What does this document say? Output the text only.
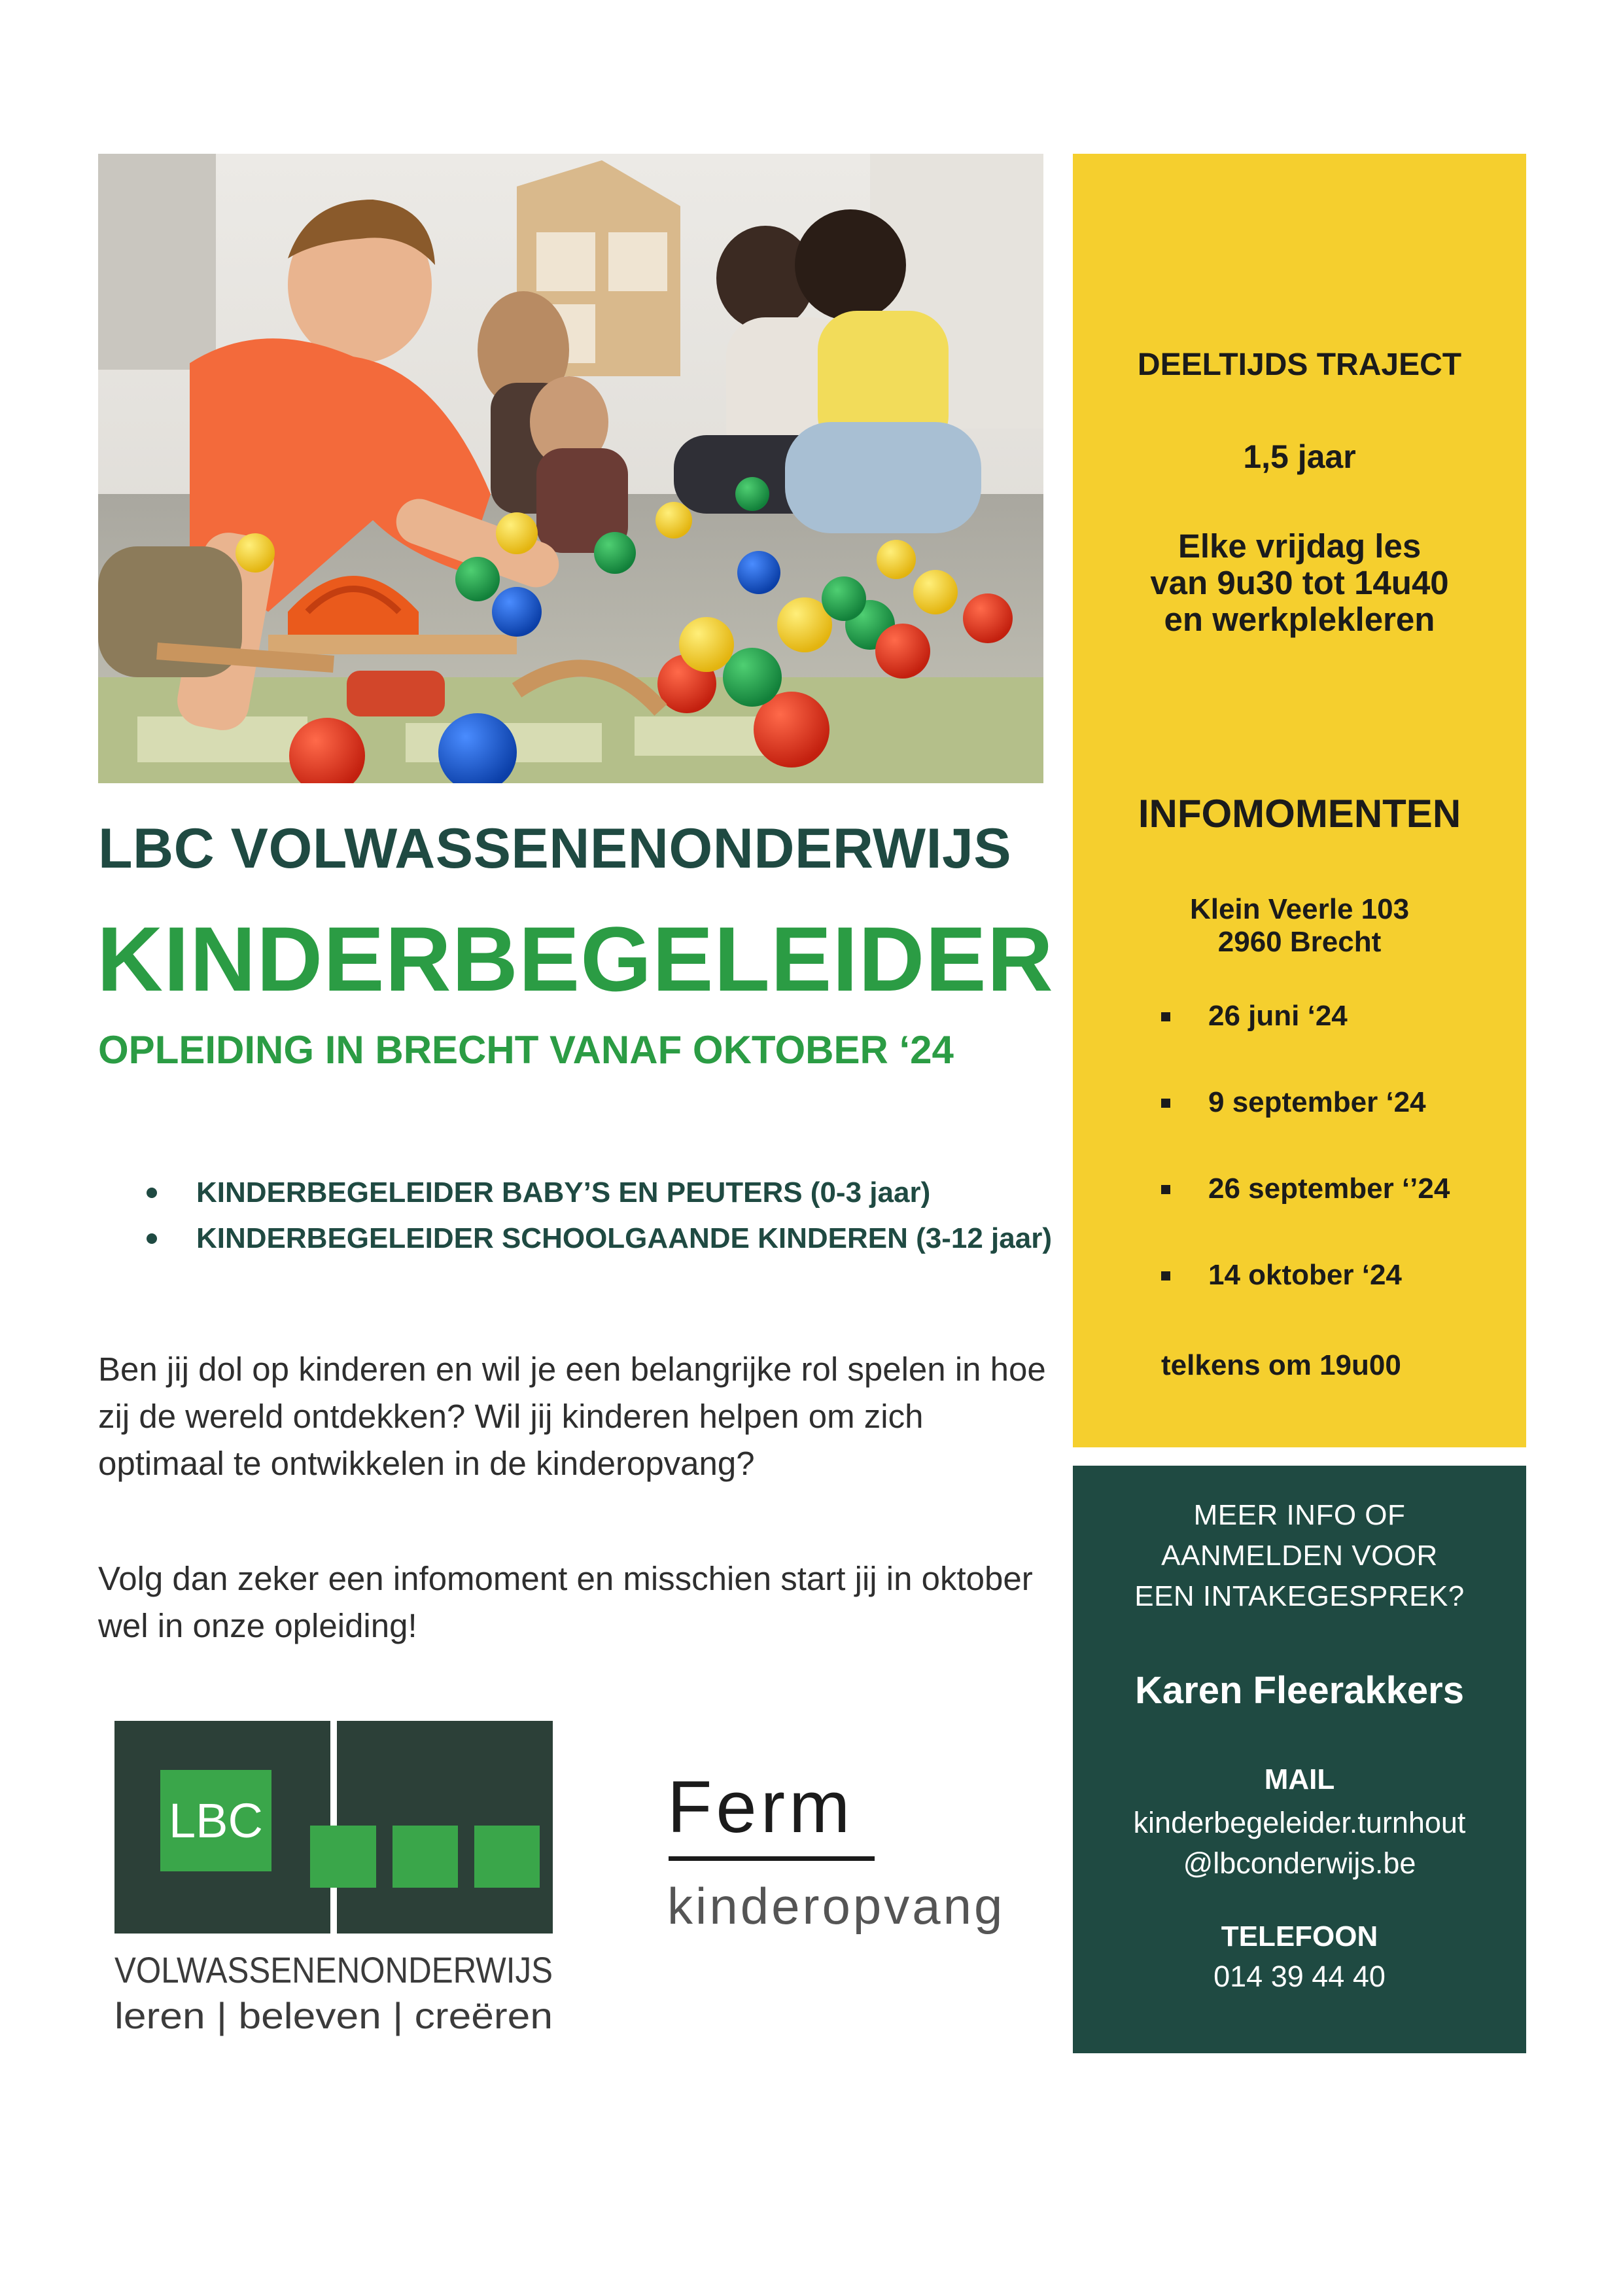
LBC VOLWASSENENONDERWIJS
KINDERBEGELEIDER
OPLEIDING IN BRECHT VANAF OKTOBER ‘24
KINDERBEGELEIDER BABY’S EN PEUTERS (0-3 jaar)
KINDERBEGELEIDER SCHOOLGAANDE KINDEREN (3-12 jaar)
Ben jij dol op kinderen en wil je een belangrijke rol spelen in hoe zij de wereld ontdekken? Wil jij kinderen helpen om zich optimaal te ontwikkelen in de kinderopvang?
Volg dan zeker een infomoment en misschien start jij in oktober wel in onze opleiding!
LBC
VOLWASSENENONDERWIJS
leren | beleven | creëren
Ferm
kinderopvang
DEELTIJDS TRAJECT
1,5 jaar
Elke vrijdag les
van 9u30 tot 14u40
en werkplekleren
INFOMOMENTEN
Klein Veerle 103
2960 Brecht
26 juni ‘24
9 september ‘24
26 september ‘’24
14 oktober ‘24
telkens om 19u00
MEER INFO OF
AANMELDEN VOOR
EEN INTAKEGESPREK?
Karen Fleerakkers
MAIL
kinderbegeleider.turnhout
@lbconderwijs.be
TELEFOON
014 39 44 40
